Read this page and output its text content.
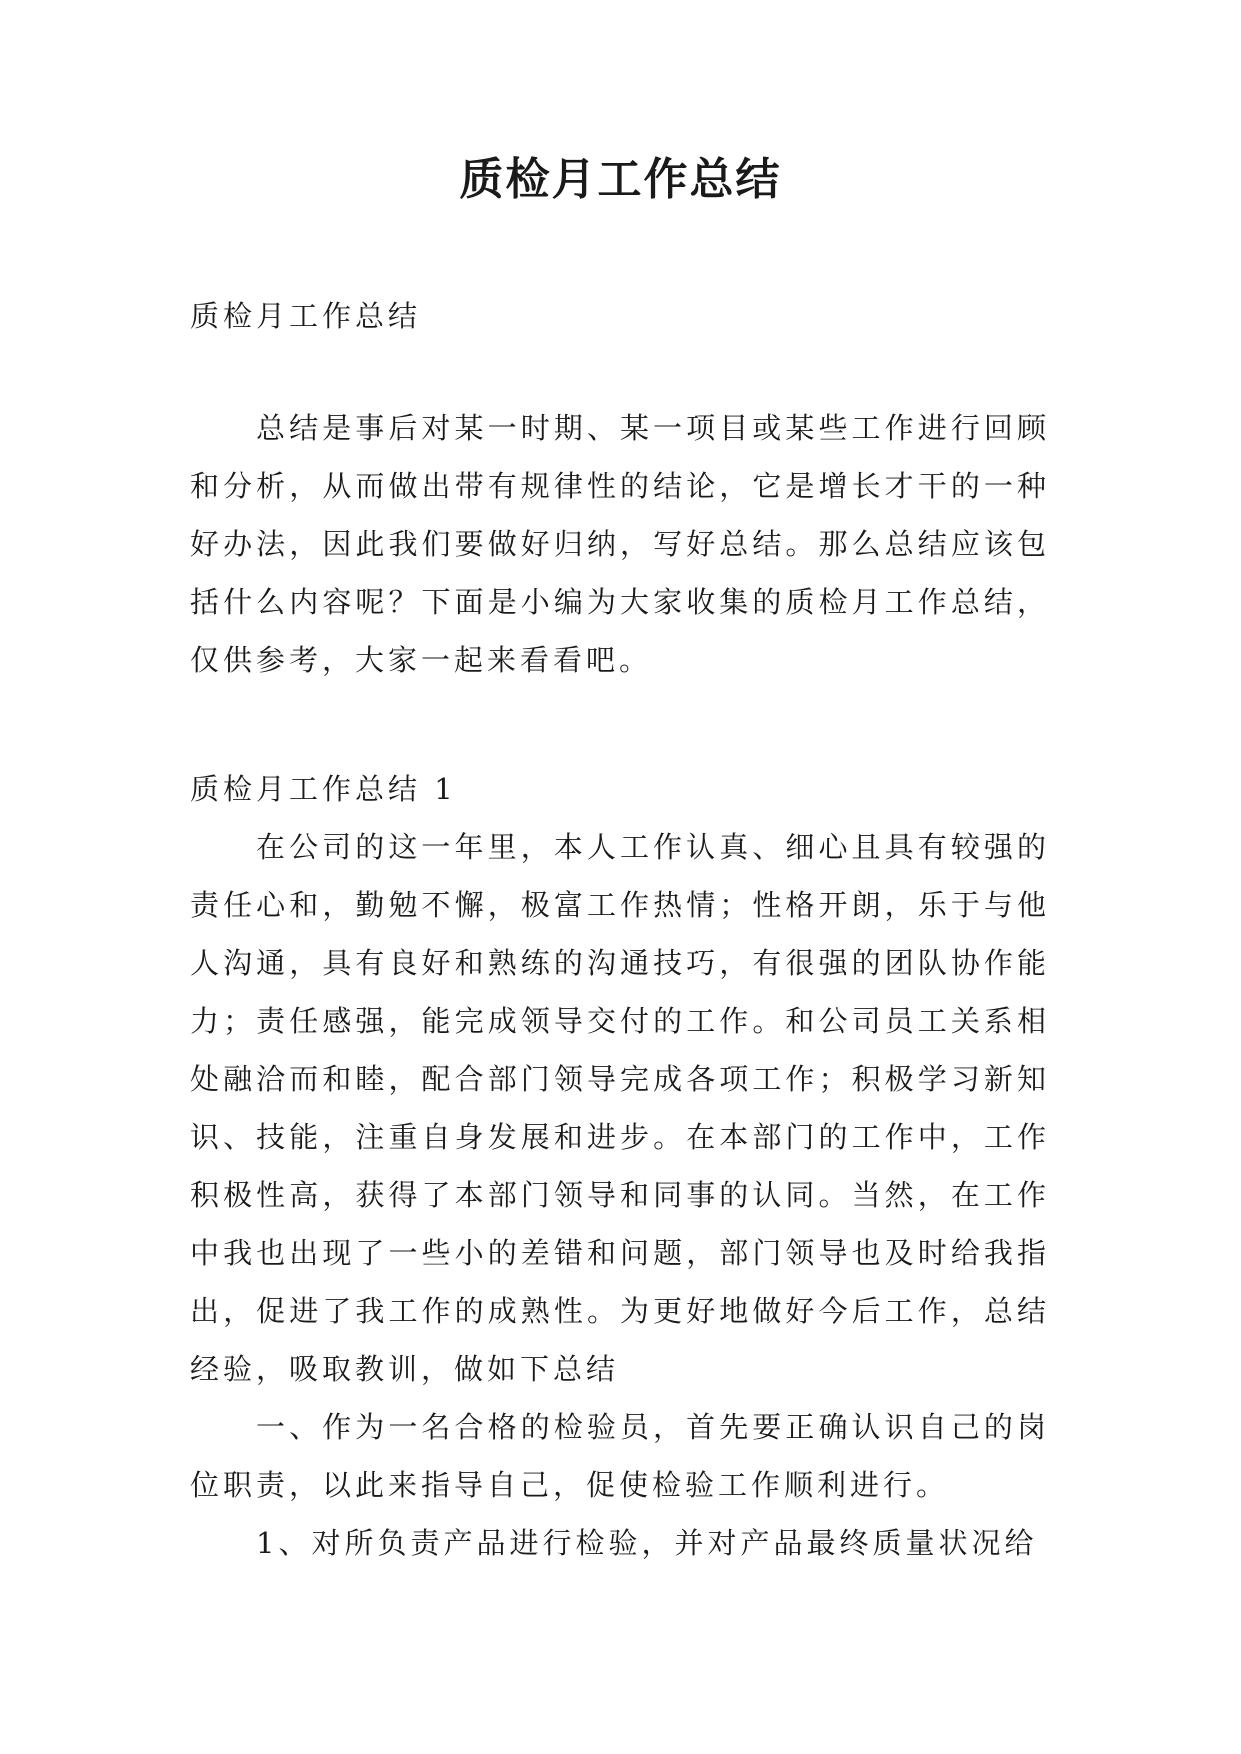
质检月工作总结

质检月工作总结

总结是事后对某一时期、某一项目或某些工作进行回顾和分析，从而做出带有规律性的结论，它是增长才干的一种好办法，因此我们要做好归纳，写好总结。那么总结应该包括什么内容呢？下面是小编为大家收集的质检月工作总结，仅供参考，大家一起来看看吧。

质检月工作总结 1

在公司的这一年里，本人工作认真、细心且具有较强的责任心和，勤勉不懈，极富工作热情；性格开朗，乐于与他人沟通，具有良好和熟练的沟通技巧，有很强的团队协作能力；责任感强，能完成领导交付的工作。和公司员工关系相处融洽而和睦，配合部门领导完成各项工作；积极学习新知识、技能，注重自身发展和进步。在本部门的工作中，工作积极性高，获得了本部门领导和同事的认同。当然，在工作中我也出现了一些小的差错和问题，部门领导也及时给我指出，促进了我工作的成熟性。为更好地做好今后工作，总结经验，吸取教训，做如下总结

一、作为一名合格的检验员，首先要正确认识自己的岗位职责，以此来指导自己，促使检验工作顺利进行。

1、对所负责产品进行检验，并对产品最终质量状况给
